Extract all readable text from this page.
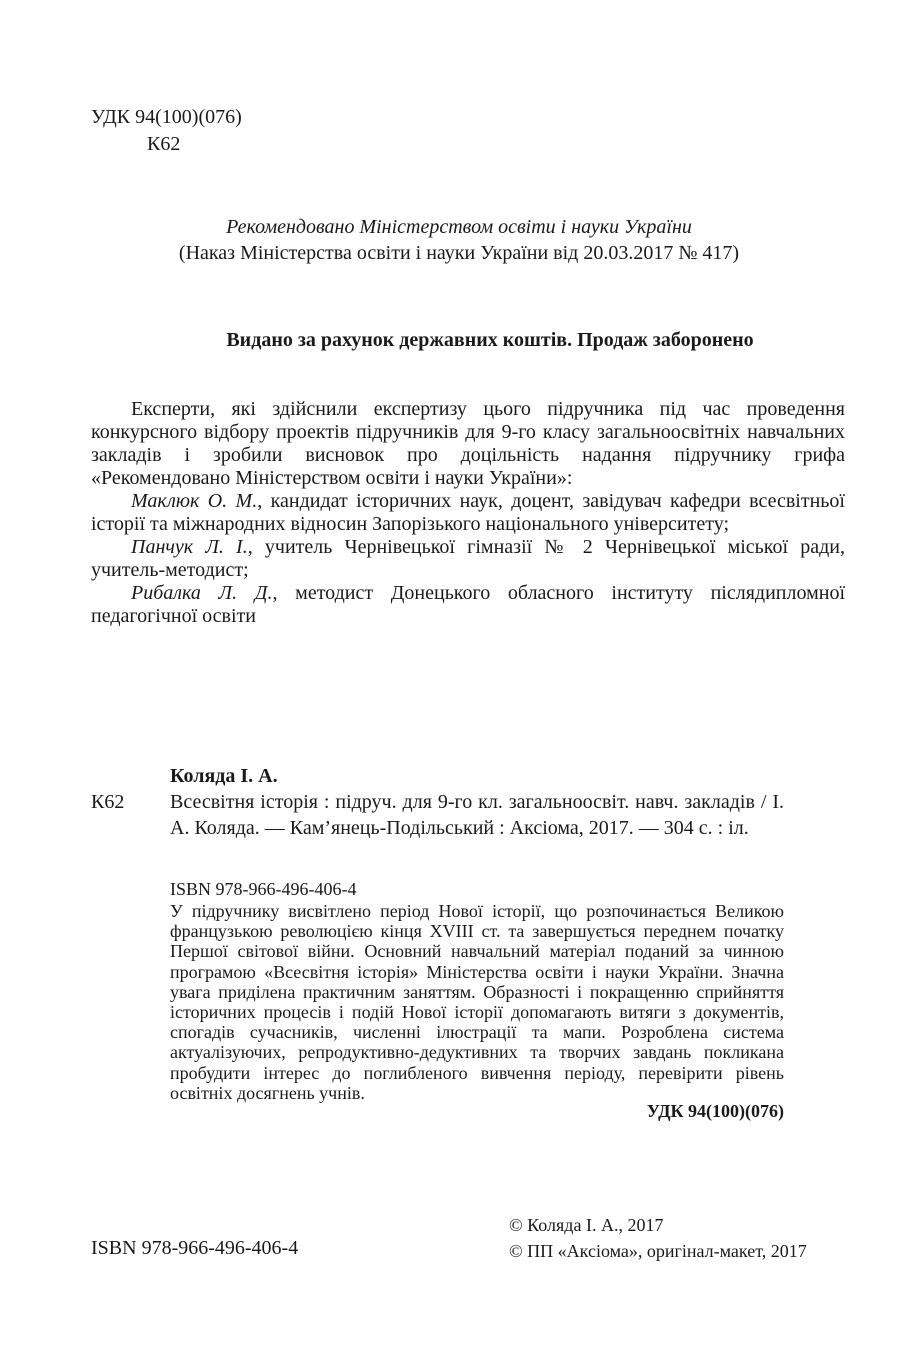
УДК 94(100)(076)
К62
Рекомендовано Міністерством освіти і науки України
(Наказ Міністерства освіти і науки України від 20.03.2017 № 417)
Видано за рахунок державних коштів. Продаж заборонено

Експерти, які здійснили експертизу цього підручника під час проведення конкурсного відбору проектів підручників для 9-го класу загальноосвітніх навчальних закладів і зробили висновок про доцільність надання підручнику грифа «Рекомендовано Міністерством освіти і науки України»:

Маклюк О. М., кандидат історичних наук, доцент, завідувач кафедри всесвітньої історії та міжнародних відносин Запорізького національного університету;

Панчук Л. І., учитель Чернівецької гімназії № 2 Чернівецької міської ради, учитель-методист;

Рибалка Л. Д., методист Донецького обласного інституту післядипломної педагогічної освіти

Коляда І. А.
К62 Всесвітня історія : підруч. для 9-го кл. загальноосвіт. навч. закладів / І. А. Коляда. — Кам’янець-Подільський : Аксіома, 2017. — 304 с. : іл.
ISBN 978-966-496-406-4

У підручнику висвітлено період Нової історії, що розпочинається Великою французькою революцією кінця XVIII ст. та завершується переднем початку Першої світової війни. Основний навчальний матеріал поданий за чинною програмою «Всесвітня історія» Міністерства освіти і науки України. Значна увага приділена практичним заняттям. Образності і покращенню сприйняття історичних процесів і подій Нової історії допомагають витяги з документів, спогадів сучасників, численні ілюстрації та мапи. Розроблена система актуалізуючих, репродуктивно-дедуктивних та творчих завдань покликана пробудити інтерес до поглибленого вивчення періоду, перевірити рівень освітніх досягнень учнів.

УДК 94(100)(076)
ISBN 978-966-496-406-4
© Коляда І. А., 2017
© ПП «Аксіома», оригінал-макет, 2017
